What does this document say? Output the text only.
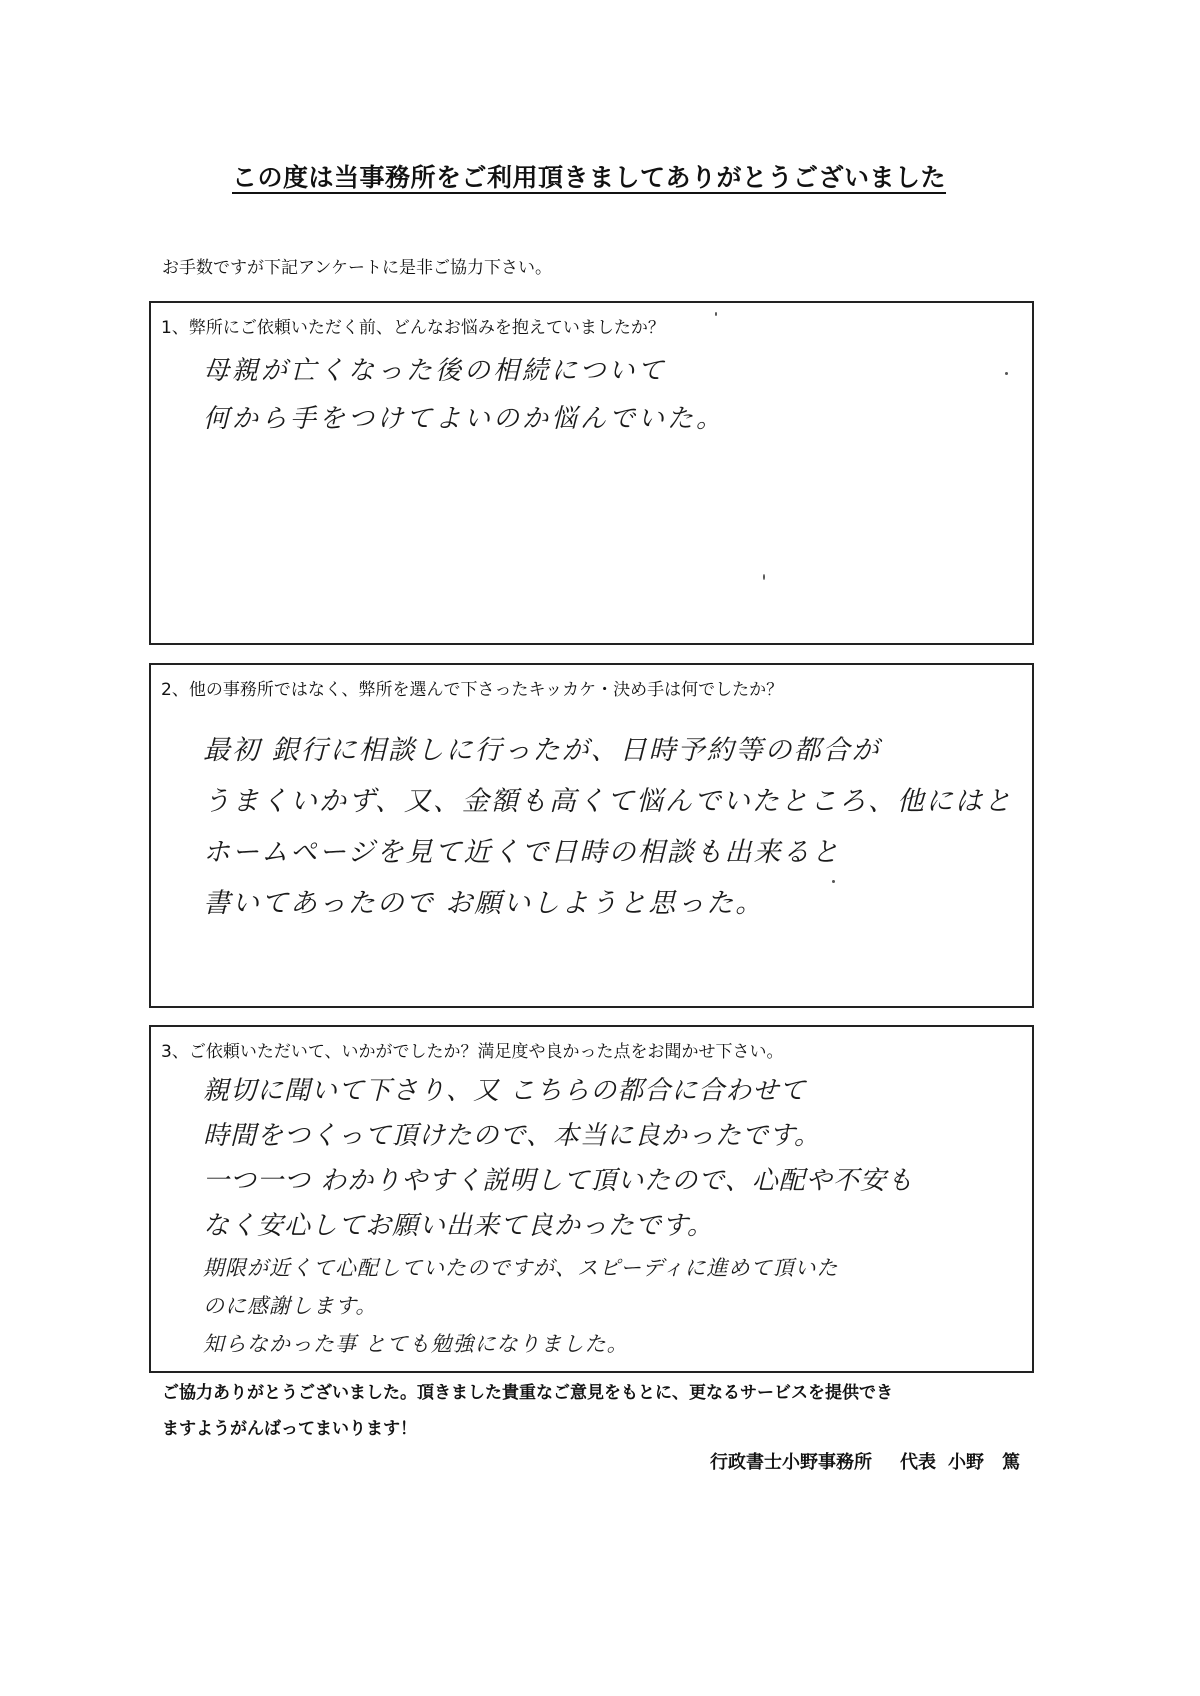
この度は当事務所をご利用頂きましてありがとうございました
お手数ですが下記アンケートに是非ご協力下さい。
1、弊所にご依頼いただく前、どんなお悩みを抱えていましたか？
母親が亡くなった後の相続について
何から手をつけてよいのか悩んでいた。
2、他の事務所ではなく、弊所を選んで下さったキッカケ・決め手は何でしたか？
最初 銀行に相談しに行ったが、日時予約等の都合が
うまくいかず、又、金額も高くて悩んでいたところ、他にはと
ホームページを見て近くで日時の相談も出来ると
書いてあったので お願いしようと思った。
3、ご依頼いただいて、いかがでしたか？満足度や良かった点をお聞かせ下さい。
親切に聞いて下さり、又 こちらの都合に合わせて
時間をつくって頂けたので、本当に良かったです。
一つ一つ わかりやすく説明して頂いたので、心配や不安も
なく安心してお願い出来て良かったです。
期限が近くて心配していたのですが、スピーディに進めて頂いた
のに感謝します。
知らなかった事 とても勉強になりました。
ご協力ありがとうございました。頂きました貴重なご意見をもとに、更なるサービスを提供でき
ますようがんばってまいります！
行政書士小野事務所 代表 小野　篤
